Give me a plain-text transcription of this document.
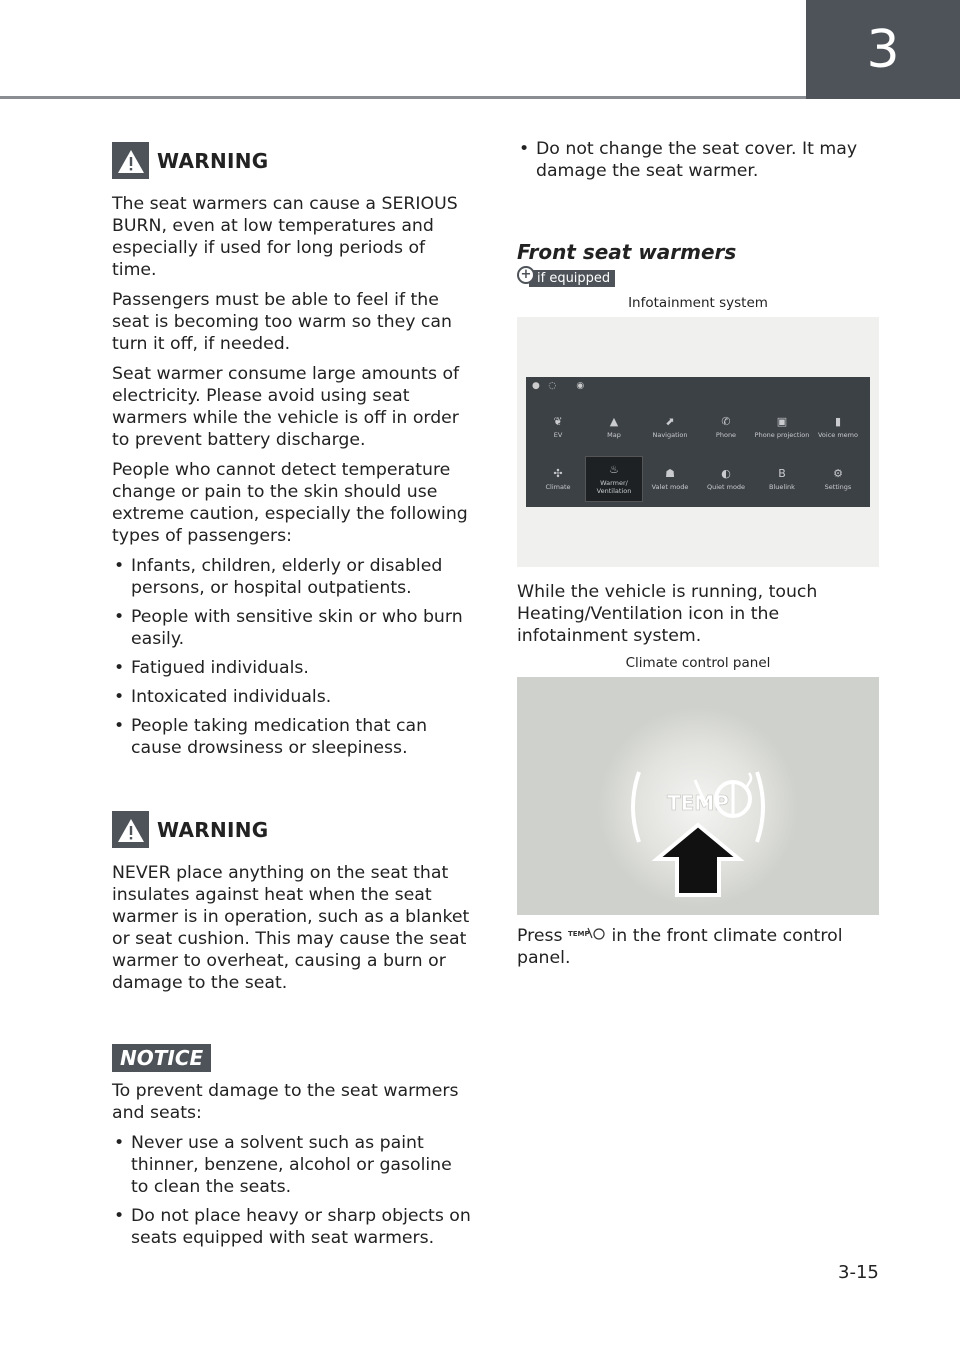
3
WARNING

The seat warmers can cause a SERIOUS BURN, even at low temperatures and especially if used for long periods of time.

Passengers must be able to feel if the seat is becoming too warm so they can turn it off, if needed.

Seat warmer consume large amounts of electricity. Please avoid using seat warmers while the vehicle is off in order to prevent battery discharge.

People who cannot detect temperature change or pain to the skin should use extreme caution, especially the following types of passengers:

• Infants, children, elderly or disabled persons, or hospital outpatients.
• People with sensitive skin or who burn easily.
• Fatigued individuals.
• Intoxicated individuals.
• People taking medication that can cause drowsiness or sleepiness.
WARNING

NEVER place anything on the seat that insulates against heat when the seat warmer is in operation, such as a blanket or seat cushion. This may cause the seat warmer to overheat, causing a burn or damage to the seat.

NOTICE

To prevent damage to the seat warmers and seats:

• Never use a solvent such as paint thinner, benzene, alcohol or gasoline to clean the seats.
• Do not place heavy or sharp objects on seats equipped with seat warmers.
• Do not change the seat cover. It may damage the seat warmer.
Front seat warmers
+ if equipped
Infotainment system
●   ◌       ◉
❦
EV
▲
Map
⬈
Navigation
✆
Phone
▣
Phone projection
▮
Voice memo
✣
Climate
♨
Warmer/ Ventilation
☗
Valet mode
◐
Quiet mode
B
Bluelink
⚙
Settings

While the vehicle is running, touch Heating/Ventilation icon in the infotainment system.

Climate control panel
TEMP

Press TEMP in the front climate control panel.

3-15
